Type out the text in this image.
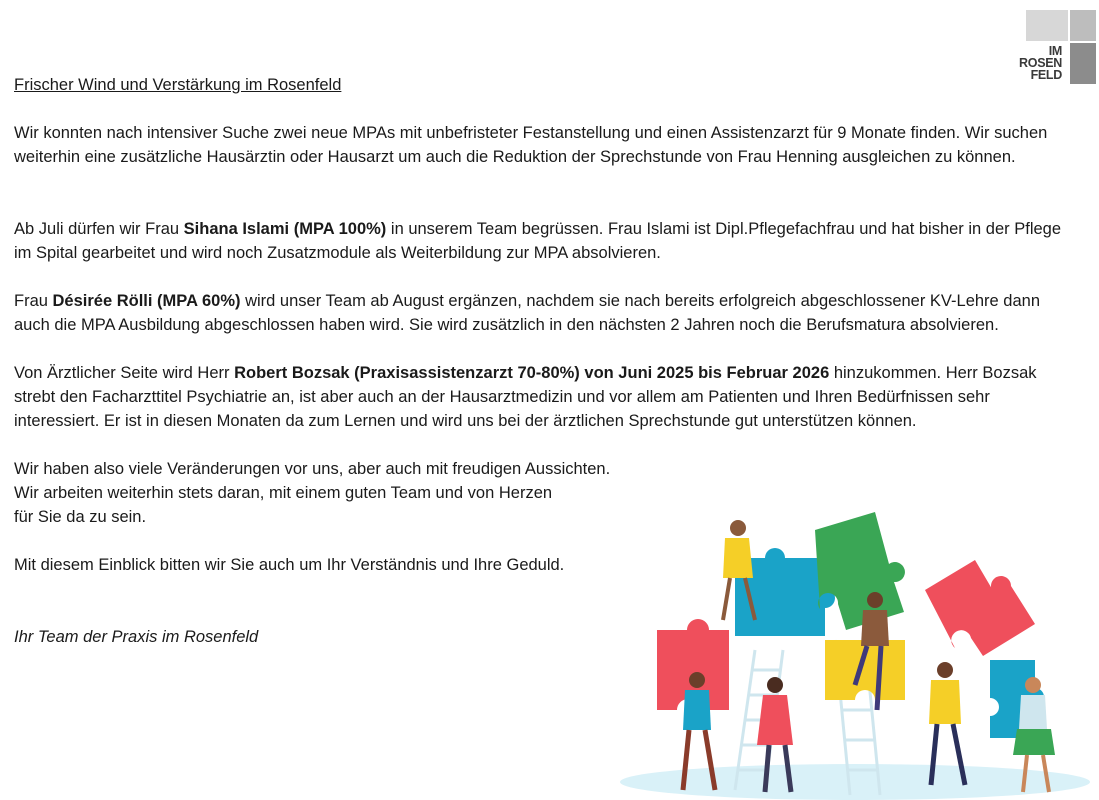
IM
ROSEN
FELD

Frischer Wind und Verstärkung im Rosenfeld

Wir konnten nach intensiver Suche zwei neue MPAs mit unbefristeter Festanstellung und einen Assistenzarzt für 9 Monate finden. Wir suchen weiterhin eine zusätzliche Hausärztin oder Hausarzt um auch die Reduktion der Sprechstunde von Frau Henning ausgleichen zu können.

Ab Juli dürfen wir Frau Sihana Islami (MPA 100%) in unserem Team begrüssen. Frau Islami ist Dipl.Pflegefachfrau und hat bisher in der Pflege im Spital gearbeitet und wird noch Zusatzmodule als Weiterbildung zur MPA absolvieren.

Frau Désirée Rölli (MPA 60%) wird unser Team ab August ergänzen, nachdem sie nach bereits erfolgreich abgeschlossener KV-Lehre dann auch die MPA Ausbildung abgeschlossen haben wird. Sie wird zusätzlich in den nächsten 2 Jahren noch die Berufsmatura absolvieren.

Von Ärztlicher Seite wird Herr Robert Bozsak (Praxisassistenzarzt 70-80%) von Juni 2025 bis Februar 2026 hinzukommen. Herr Bozsak strebt den Facharzttitel Psychiatrie an, ist aber auch an der Hausarztmedizin und vor allem am Patienten und Ihren Bedürfnissen sehr interessiert. Er ist in diesen Monaten da zum Lernen und wird uns bei der ärztlichen Sprechstunde gut unterstützen können.

Wir haben also viele Veränderungen vor uns, aber auch mit freudigen Aussichten.
Wir arbeiten weiterhin stets daran, mit einem guten Team und von Herzen
für Sie da zu sein.

Mit diesem Einblick bitten wir Sie auch um Ihr Verständnis und Ihre Geduld.

Ihr Team der Praxis im Rosenfeld
